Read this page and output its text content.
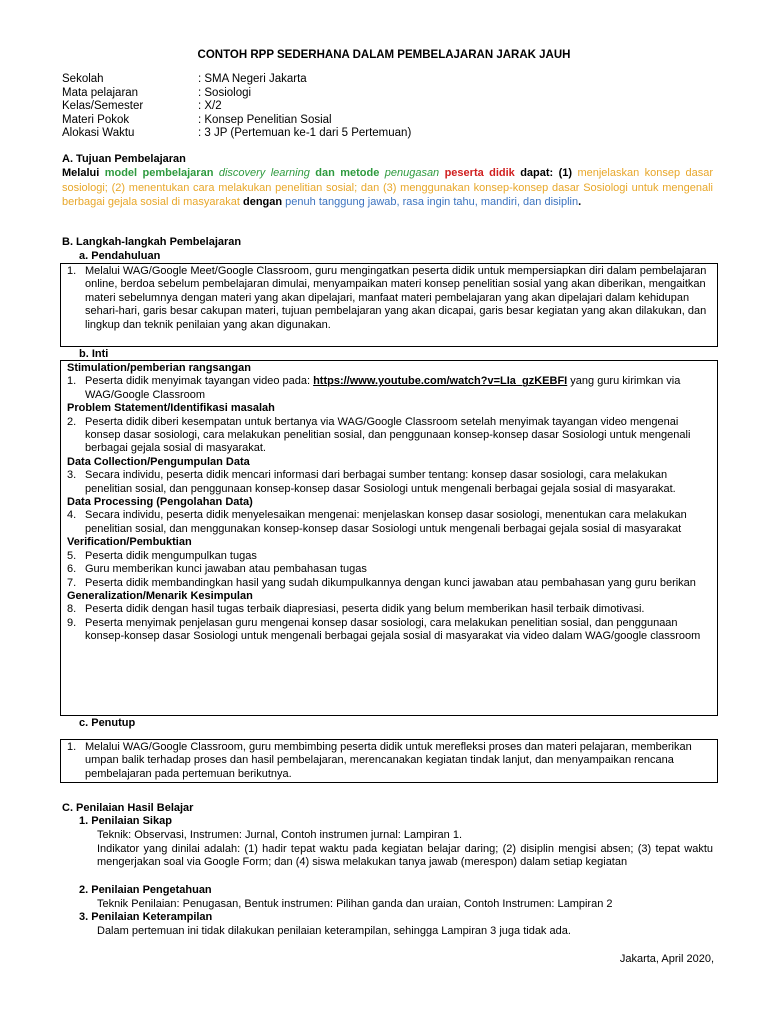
CONTOH RPP SEDERHANA DALAM PEMBELAJARAN JARAK JAUH
Sekolah	: SMA Negeri Jakarta
Mata pelajaran	: Sosiologi
Kelas/Semester	: X/2
Materi Pokok	: Konsep Penelitian Sosial
Alokasi Waktu	: 3 JP (Pertemuan ke-1 dari 5 Pertemuan)
A. Tujuan Pembelajaran
Melalui model pembelajaran discovery learning dan metode penugasan peserta didik dapat: (1) menjelaskan konsep dasar sosiologi; (2) menentukan cara melakukan penelitian sosial; dan (3) menggunakan konsep-konsep dasar Sosiologi untuk mengenali berbagai gejala sosial di masyarakat dengan penuh tanggung jawab, rasa ingin tahu, mandiri, dan disiplin.
B. Langkah-langkah Pembelajaran
a. Pendahuluan
1. Melalui WAG/Google Meet/Google Classroom, guru mengingatkan peserta didik untuk mempersiapkan diri dalam pembelajaran online, berdoa sebelum pembelajaran dimulai, menyampaikan materi konsep penelitian sosial yang akan diberikan, mengaitkan materi sebelumnya dengan materi yang akan dipelajari, manfaat materi pembelajaran yang akan dipelajari dalam kehidupan sehari-hari, garis besar cakupan materi, tujuan pembelajaran yang akan dicapai, garis besar kegiatan yang akan dilakukan, dan lingkup dan teknik penilaian yang akan digunakan.
b. Inti
Stimulation/pemberian rangsangan
1. Peserta didik menyimak tayangan video pada: https://www.youtube.com/watch?v=LIa_gzKEBFI yang guru kirimkan via WAG/Google Classroom
Problem Statement/Identifikasi masalah
2. Peserta didik diberi kesempatan untuk bertanya via WAG/Google Classroom setelah menyimak tayangan video mengenai konsep dasar sosiologi, cara melakukan penelitian sosial, dan penggunaan konsep-konsep dasar Sosiologi untuk mengenali berbagai gejala sosial di masyarakat.
Data Collection/Pengumpulan Data
3. Secara individu, peserta didik mencari informasi dari berbagai sumber tentang: konsep dasar sosiologi, cara melakukan penelitian sosial, dan penggunaan konsep-konsep dasar Sosiologi untuk mengenali berbagai gejala sosial di masyarakat.
Data Processing (Pengolahan Data)
4. Secara individu, peserta didik menyelesaikan mengenai: menjelaskan konsep dasar sosiologi, menentukan cara melakukan penelitian sosial, dan menggunakan konsep-konsep dasar Sosiologi untuk mengenali berbagai gejala sosial di masyarakat
Verification/Pembuktian
5. Peserta didik mengumpulkan tugas
6. Guru memberikan kunci jawaban atau pembahasan tugas
7. Peserta didik membandingkan hasil yang sudah dikumpulkannya dengan kunci jawaban atau pembahasan yang guru berikan
Generalization/Menarik Kesimpulan
8. Peserta didik dengan hasil tugas terbaik diapresiasi, peserta didik yang belum memberikan hasil terbaik dimotivasi.
9. Peserta menyimak penjelasan guru mengenai konsep dasar sosiologi, cara melakukan penelitian sosial, dan penggunaan konsep-konsep dasar Sosiologi untuk mengenali berbagai gejala sosial di masyarakat via video dalam WAG/google classroom
c. Penutup
1. Melalui WAG/Google Classroom, guru membimbing peserta didik untuk merefleksi proses dan materi pelajaran, memberikan umpan balik terhadap proses dan hasil pembelajaran, merencanakan kegiatan tindak lanjut, dan menyampaikan rencana pembelajaran pada pertemuan berikutnya.
C. Penilaian Hasil Belajar
1. Penilaian Sikap
Teknik: Observasi, Instrumen: Jurnal, Contoh instrumen jurnal: Lampiran 1.
Indikator yang dinilai adalah: (1) hadir tepat waktu pada kegiatan belajar daring; (2) disiplin mengisi absen; (3) tepat waktu mengerjakan soal via Google Form; dan (4) siswa melakukan tanya jawab (merespon) dalam setiap kegiatan
2. Penilaian Pengetahuan
Teknik Penilaian: Penugasan, Bentuk instrumen: Pilihan ganda dan uraian, Contoh Instrumen: Lampiran 2
3. Penilaian Keterampilan
Dalam pertemuan ini tidak dilakukan penilaian keterampilan, sehingga Lampiran 3 juga tidak ada.
Jakarta, April 2020,
